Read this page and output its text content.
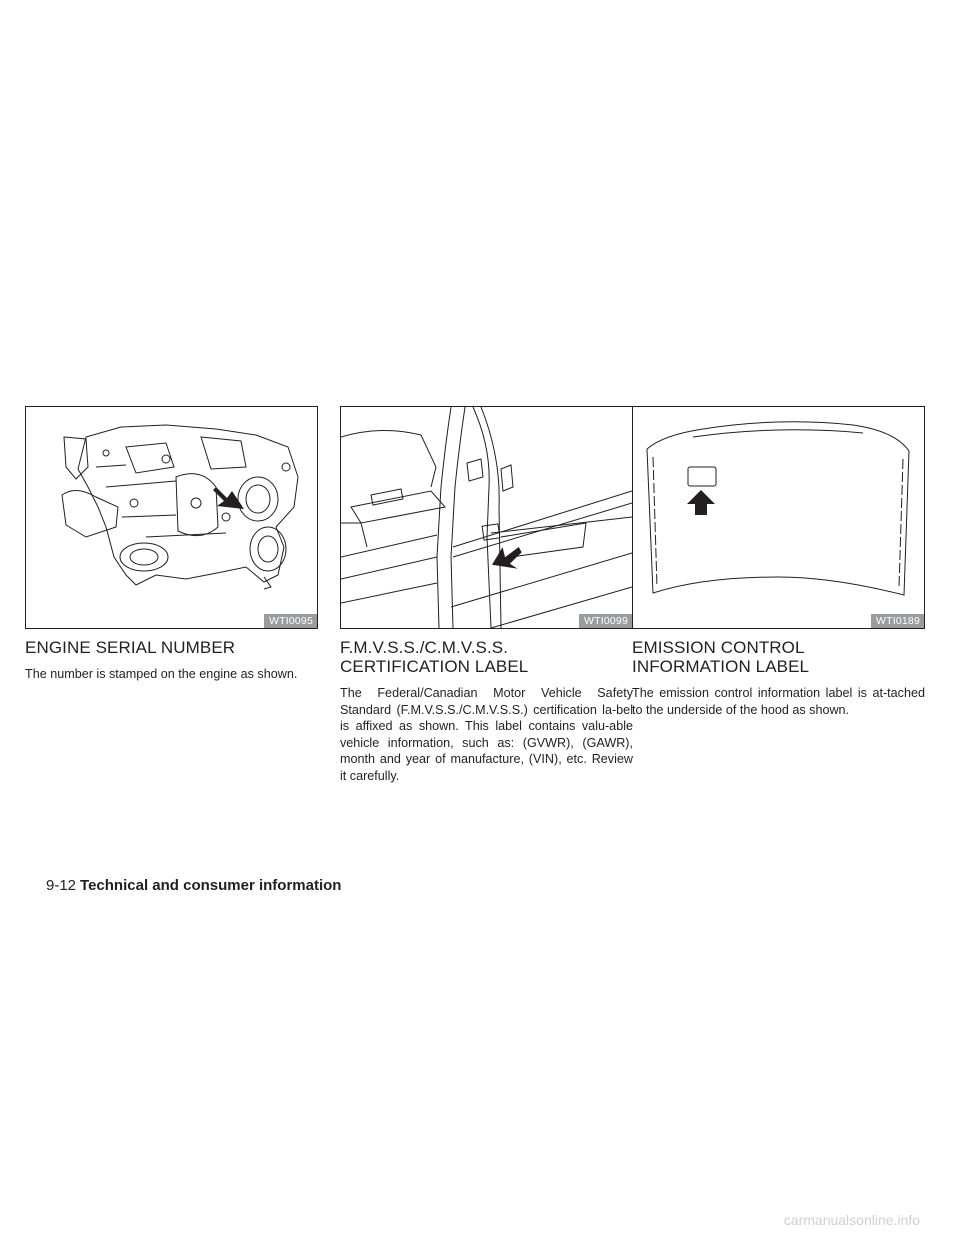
WTI0095
ENGINE SERIAL NUMBER

The number is stamped on the engine as shown.

WTI0099
F.M.V.S.S./C.M.V.S.S.
CERTIFICATION LABEL

The Federal/Canadian Motor Vehicle Safety Standard (F.M.V.S.S./C.M.V.S.S.) certification la-bel is affixed as shown. This label contains valu-able vehicle information, such as: (GVWR), (GAWR), month and year of manufacture, (VIN), etc. Review it carefully.

WTI0189
EMISSION CONTROL
INFORMATION LABEL

The emission control information label is at-tached to the underside of the hood as shown.

9-12 Technical and consumer information
carmanualsonline.info
